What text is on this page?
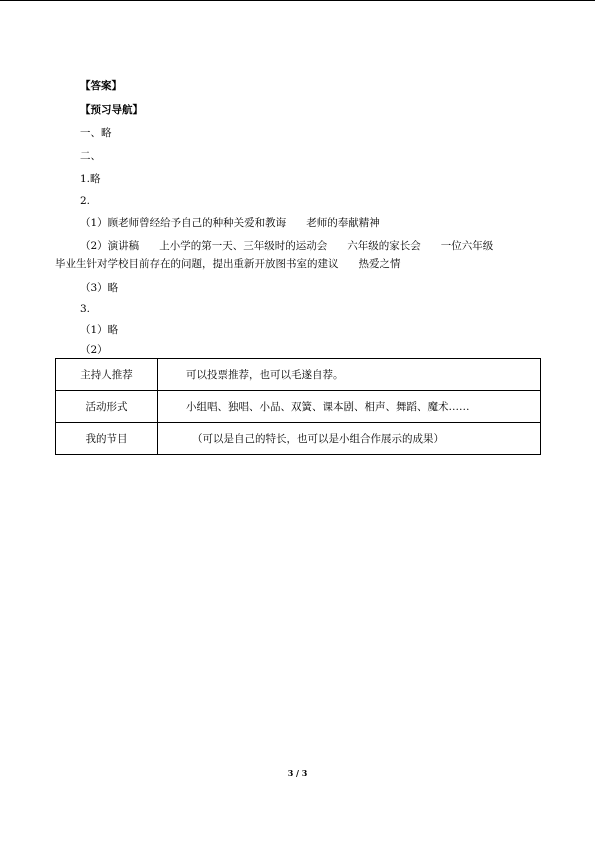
【答案】
【预习导航】
一、略
二、
1.略
2.
（1）顾老师曾经给予自己的种种关爱和教诲      老师的奉献精神
（2）演讲稿      上小学的第一天、三年级时的运动会      六年级的家长会      一位六年级
毕业生针对学校目前存在的问题，提出重新开放图书室的建议      热爱之情
（3）略
3.
（1）略
（2）
主持人推荐	可以投票推荐，也可以毛遂自荐。
活动形式	小组唱、独唱、小品、双簧、课本剧、相声、舞蹈、魔术……
我的节目	（可以是自己的特长，也可以是小组合作展示的成果）
3 / 3
